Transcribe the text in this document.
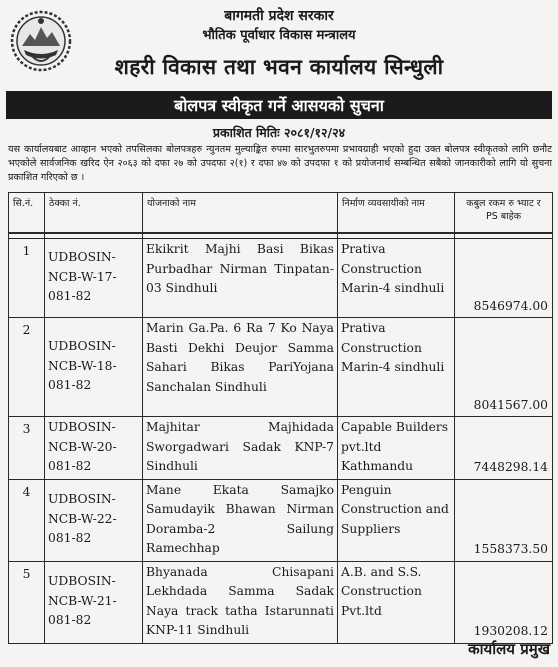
बागमती प्रदेश सरकार
भौतिक पूर्वाधार विकास मन्त्रालय
शहरी विकास तथा भवन कार्यालय सिन्धुली
बोलपत्र स्वीकृत गर्ने आसयको सुचना
प्रकाशित मितिः २०८१/१२/२४
यस कार्यालयबाट आव्हान भएको तपसिलका बोलपत्रहरु न्युनतम मुल्याङ्कित रुपमा सारभुतरुपमा प्रभावग्राही भएको हुदा उक्त बोलपत्र स्वीकृतको लागि छनौट भएकोले सार्वजनिक खरिद ऐन २०६३ को दफा २७ को उपदफा २(१) र दफा ४७ को उपदफा १ को प्रयोजनार्थ सम्बन्धित सबैको जानकारीको लागि यो सुचना प्रकाशित गरिएको छ ।
सि.नं.	ठेक्का नं.	योजनाको नाम	निर्माण व्यवसायीको नाम	कबुल रकम रु भ्याट र PS बाहेक

1	UDBOSIN-NCB-W-17-081-82	Ekikrit Majhi Basi Bikas Purbadhar Nirman Tinpatan-03 Sindhuli	Prativa Construction Marin-4 sindhuli	8546974.00
2	UDBOSIN-NCB-W-18-081-82	Marin Ga.Pa. 6 Ra 7 Ko Naya Basti Dekhi Deujor Samma Sahari Bikas PariYojana Sanchalan Sindhuli	Prativa Construction Marin-4 sindhuli	8041567.00
3	UDBOSIN-NCB-W-20-081-82	Majhitar Majhidada Sworgadwari Sadak KNP-7 Sindhuli	Capable Builders pvt.ltd Kathmandu	7448298.14
4	UDBOSIN-NCB-W-22-081-82	Mane Ekata Samajko Samudayik Bhawan Nirman Doramba-2 Sailung Ramechhap	Penguin Construction and Suppliers	1558373.50
5	UDBOSIN-NCB-W-21-081-82	Bhyanada Chisapani Lekhdada Samma Sadak Naya track tatha Istarunnati KNP-11 Sindhuli	A.B. and S.S. Construction Pvt.ltd	1930208.12
कार्यालय प्रमुख
